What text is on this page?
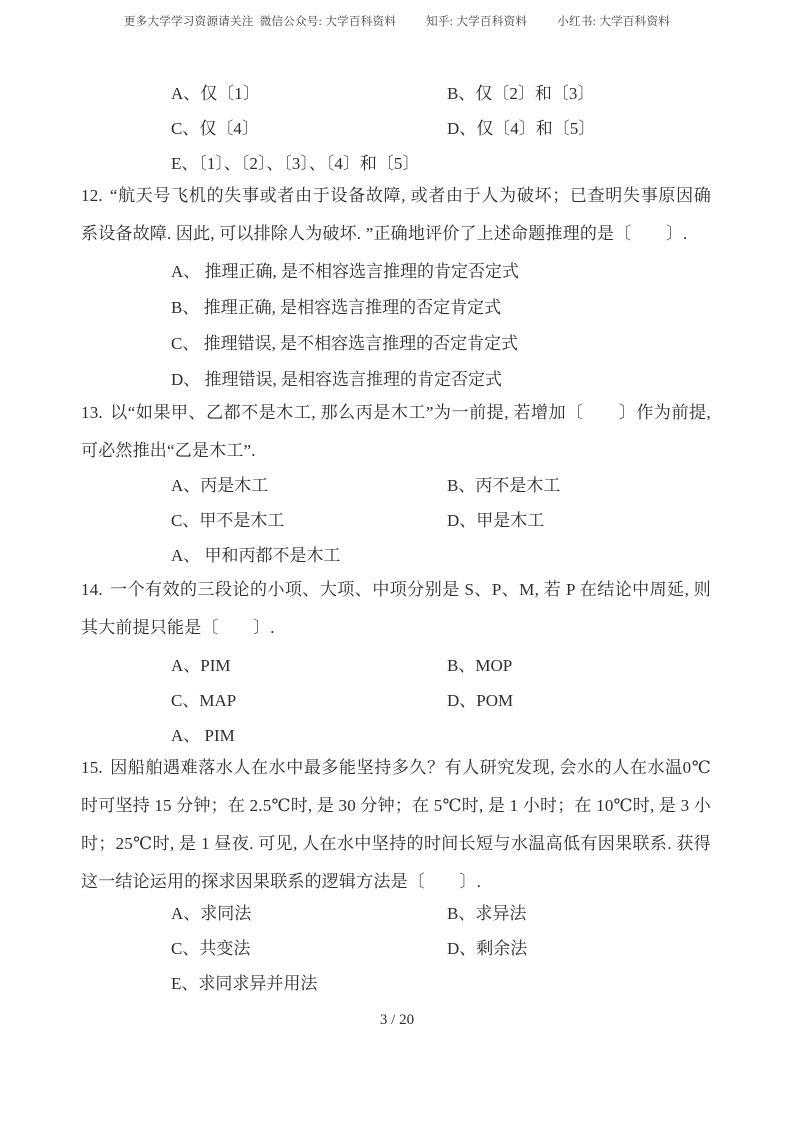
更多大学学习资源请关注 微信公众号: 大学百科资料	知乎: 大学百科资料	小红书: 大学百科资料
A、仅〔1〕	B、仅〔2〕和〔3〕
C、仅〔4〕	D、仅〔4〕和〔5〕
E、〔1〕、〔2〕、〔3〕、〔4〕和〔5〕

12. “航天号飞机的失事或者由于设备故障, 或者由于人为破坏；已查明失事原因确系设备故障. 因此, 可以排除人为破坏. ”正确地评价了上述命题推理的是〔　　〕.

A、 推理正确, 是不相容选言推理的肯定否定式
B、 推理正确, 是相容选言推理的否定肯定式
C、 推理错误, 是不相容选言推理的否定肯定式
D、 推理错误, 是相容选言推理的肯定否定式

13. 以“如果甲、乙都不是木工, 那么丙是木工”为一前提, 若增加〔　　〕作为前提, 可必然推出“乙是木工”.

A、丙是木工	B、丙不是木工
C、甲不是木工	D、甲是木工
A、 甲和丙都不是木工

14. 一个有效的三段论的小项、大项、中项分别是 S、P、M, 若 P 在结论中周延, 则其大前提只能是〔　　〕.

A、PIM	B、MOP
C、MAP	D、POM
A、 PIM

15. 因船舶遇难落水人在水中最多能坚持多久？有人研究发现, 会水的人在水温0℃时可坚持 15 分钟；在 2.5℃时, 是 30 分钟；在 5℃时, 是 1 小时；在 10℃时, 是 3 小时；25℃时, 是 1 昼夜. 可见, 人在水中坚持的时间长短与水温高低有因果联系. 获得这一结论运用的探求因果联系的逻辑方法是〔　　〕.

A、求同法	B、求异法
C、共变法	D、剩余法
E、求同求异并用法
3 / 20
